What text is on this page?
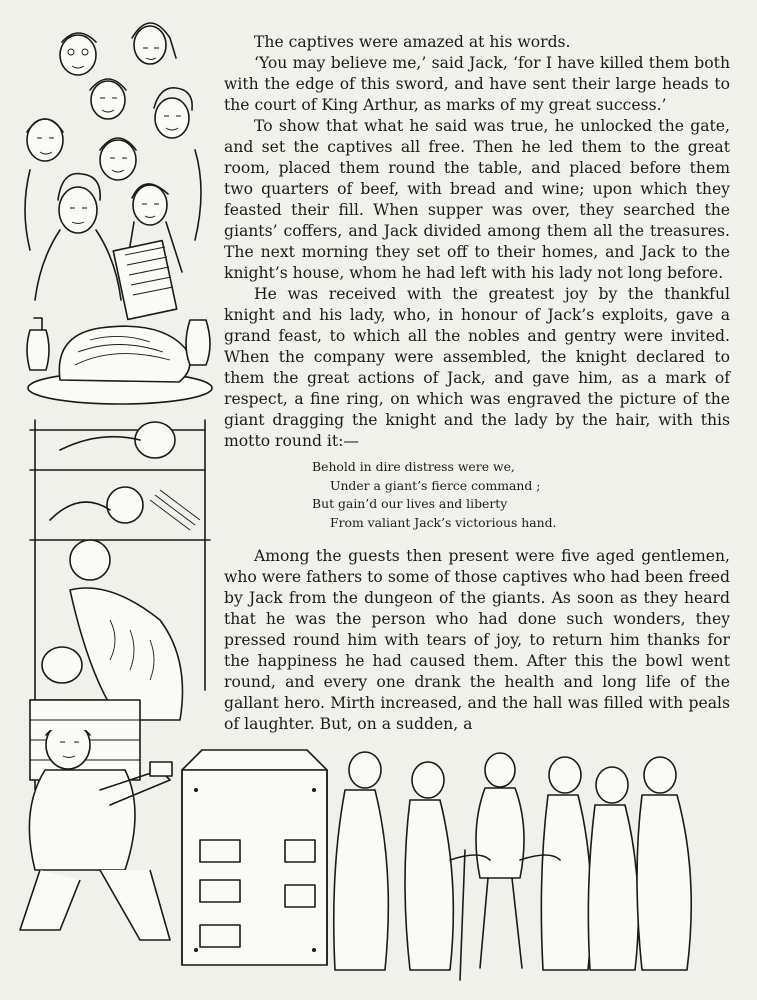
The captives were amazed at his words.

‘You may believe me,’ said Jack, ‘for I have killed them both with the edge of this sword, and have sent their large heads to the court of King Arthur, as marks of my great success.’

To show that what he said was true, he unlocked the gate, and set the captives all free. Then he led them to the great room, placed them round the table, and placed before them two quarters of beef, with bread and wine; upon which they feasted their fill. When supper was over, they searched the giants’ coffers, and Jack divided among them all the treasures. The next morning they set off to their homes, and Jack to the knight’s house, whom he had left with his lady not long before.

He was received with the greatest joy by the thankful knight and his lady, who, in honour of Jack’s exploits, gave a grand feast, to which all the nobles and gentry were invited. When the company were assembled, the knight declared to them the great actions of Jack, and gave him, as a mark of respect, a fine ring, on which was engraved the picture of the giant dragging the knight and the lady by the hair, with this motto round it:—

Behold in dire distress were we,
Under a giant’s fierce command ;
But gain’d our lives and liberty
From valiant Jack’s victorious hand.

Among the guests then present were five aged gentlemen, who were fathers to some of those captives who had been freed by Jack from the dungeon of the giants. As soon as they heard that he was the person who had done such wonders, they pressed round him with tears of joy, to return him thanks for the happiness he had caused them. After this the bowl went round, and every one drank the health and long life of the gallant hero. Mirth increased, and the hall was filled with peals of laughter. But, on a sudden, a
